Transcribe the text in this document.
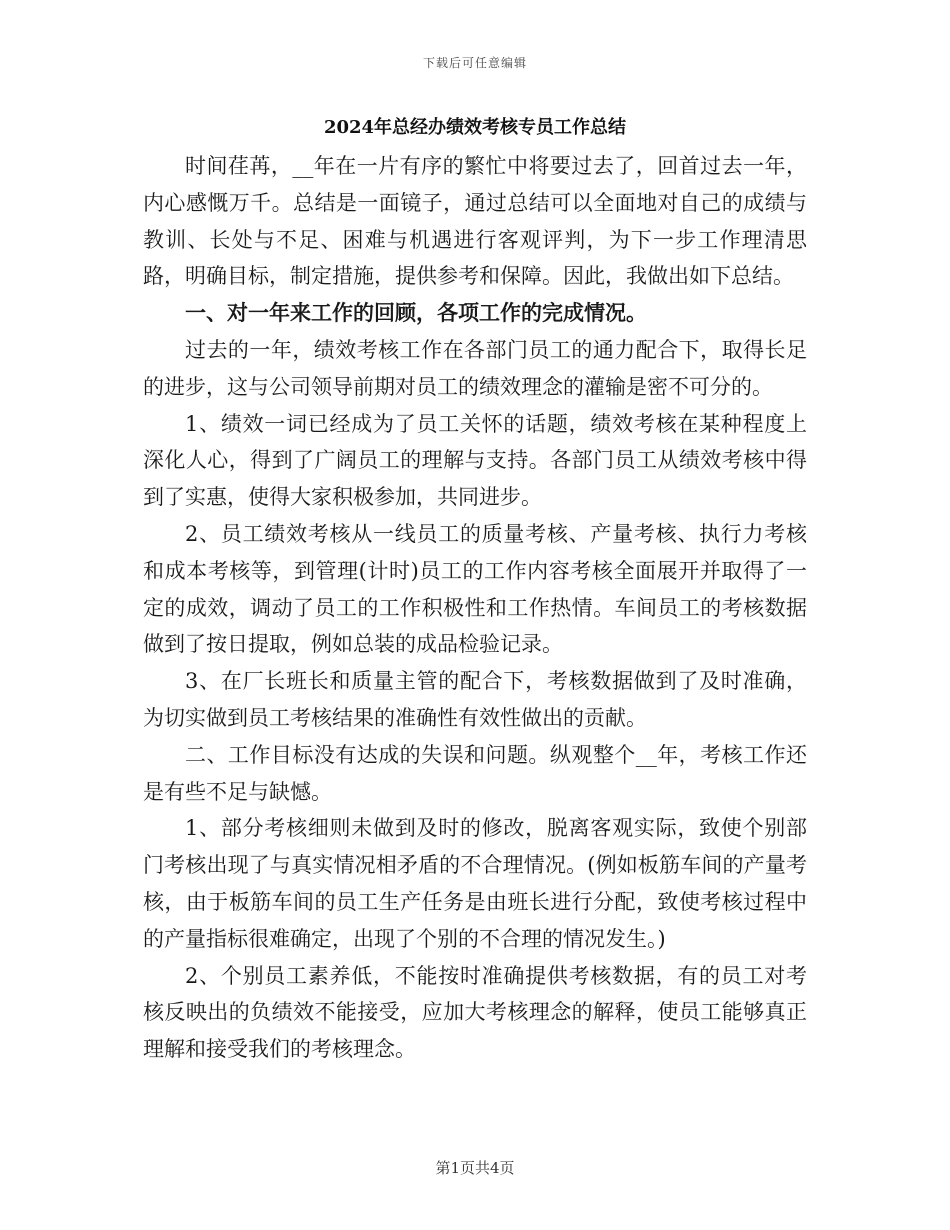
下载后可任意编辑
2024年总经办绩效考核专员工作总结

时间荏苒，__年在一片有序的繁忙中将要过去了，回首过去一年，内心感慨万千。总结是一面镜子，通过总结可以全面地对自己的成绩与教训、长处与不足、困难与机遇进行客观评判，为下一步工作理清思路，明确目标，制定措施，提供参考和保障。因此，我做出如下总结。

一、对一年来工作的回顾，各项工作的完成情况。

过去的一年，绩效考核工作在各部门员工的通力配合下，取得长足的进步，这与公司领导前期对员工的绩效理念的灌输是密不可分的。

1、绩效一词已经成为了员工关怀的话题，绩效考核在某种程度上深化人心，得到了广阔员工的理解与支持。各部门员工从绩效考核中得到了实惠，使得大家积极参加，共同进步。

2、员工绩效考核从一线员工的质量考核、产量考核、执行力考核和成本考核等，到管理(计时)员工的工作内容考核全面展开并取得了一定的成效，调动了员工的工作积极性和工作热情。车间员工的考核数据做到了按日提取，例如总装的成品检验记录。

3、在厂长班长和质量主管的配合下，考核数据做到了及时准确，为切实做到员工考核结果的准确性有效性做出的贡献。

二、工作目标没有达成的失误和问题。纵观整个__年，考核工作还是有些不足与缺憾。

1、部分考核细则未做到及时的修改，脱离客观实际，致使个别部门考核出现了与真实情况相矛盾的不合理情况。(例如板筋车间的产量考核，由于板筋车间的员工生产任务是由班长进行分配，致使考核过程中的产量指标很难确定，出现了个别的不合理的情况发生。)

2、个别员工素养低，不能按时准确提供考核数据，有的员工对考核反映出的负绩效不能接受，应加大考核理念的解释，使员工能够真正理解和接受我们的考核理念。

第1页共4页
